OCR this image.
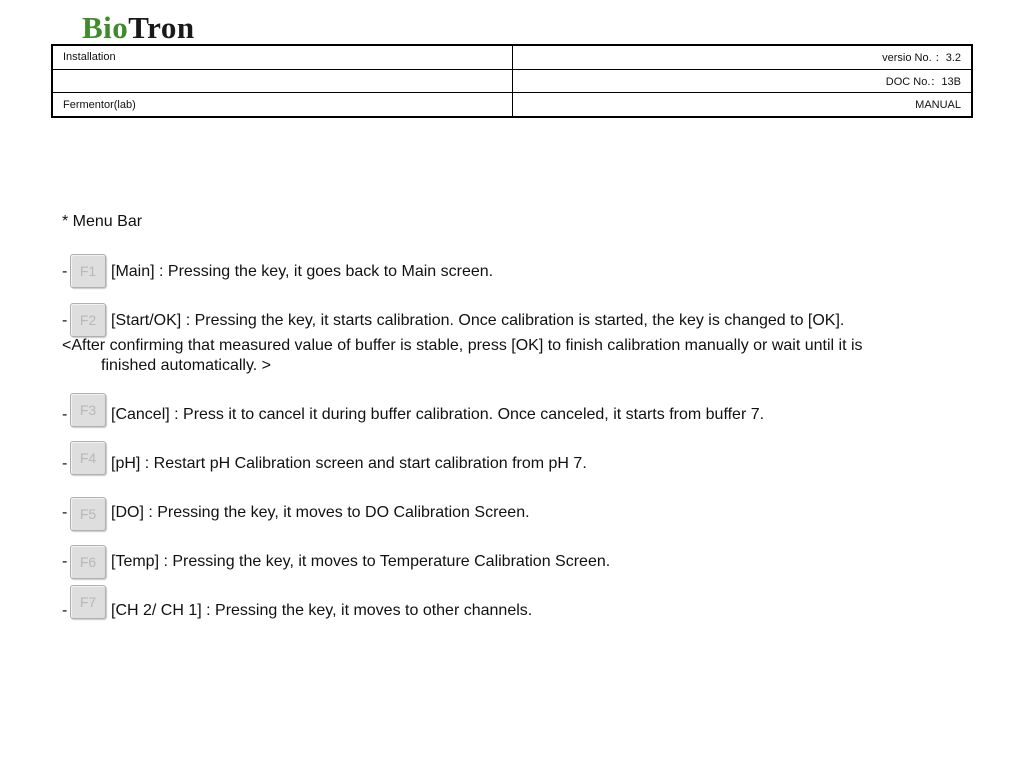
BioTron
Installation	versio No. ：3.2
	DOC No.：13B
Fermentor(lab)	MANUAL
* Menu Bar
- F1 [Main] : Pressing the key, it goes back to Main screen.
- F2 [Start/OK] : Pressing the key, it starts calibration. Once calibration is started, the key is changed to [OK].
<After confirming that measured value of buffer is stable, press [OK] to finish calibration manually or wait until it is
finished automatically. >
- F3 [Cancel] : Press it to cancel it during buffer calibration. Once canceled, it starts from buffer 7.
- F4 [pH] : Restart pH Calibration screen and start calibration from pH 7.
- F5 [DO] : Pressing the key, it moves to DO Calibration Screen.
- F6 [Temp] : Pressing the key, it moves to Temperature Calibration Screen.
- F7 [CH 2/ CH 1] : Pressing the key, it moves to other channels.
